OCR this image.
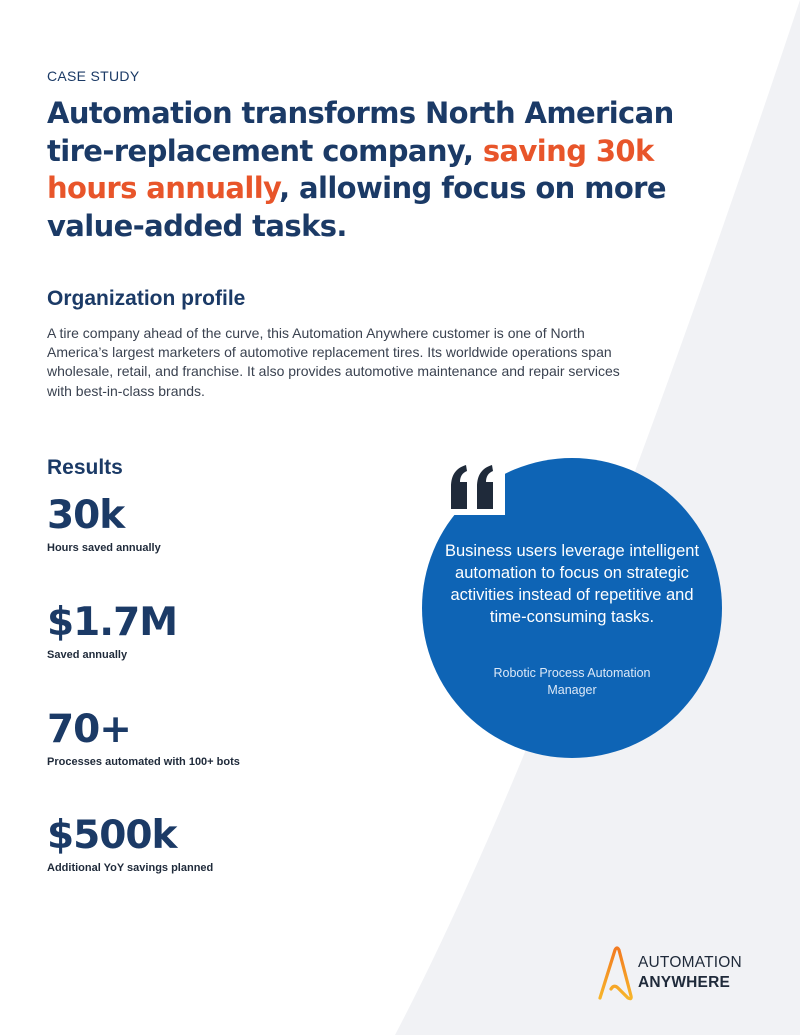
CASE STUDY
Automation transforms North American tire-replacement company, saving 30k hours annually, allowing focus on more value-added tasks.
Organization profile

A tire company ahead of the curve, this Automation Anywhere customer is one of North America’s largest marketers of automotive replacement tires. Its worldwide operations span wholesale, retail, and franchise. It also provides automotive maintenance and repair services with best-in-class brands.

Results
30k
Hours saved annually
$1.7M
Saved annually
70+
Processes automated with 100+ bots
$500k
Additional YoY savings planned
Business users leverage intelligent automation to focus on strategic activities instead of repetitive and time-consuming tasks.
Robotic Process Automation Manager
AUTOMATION
ANYWHERE
